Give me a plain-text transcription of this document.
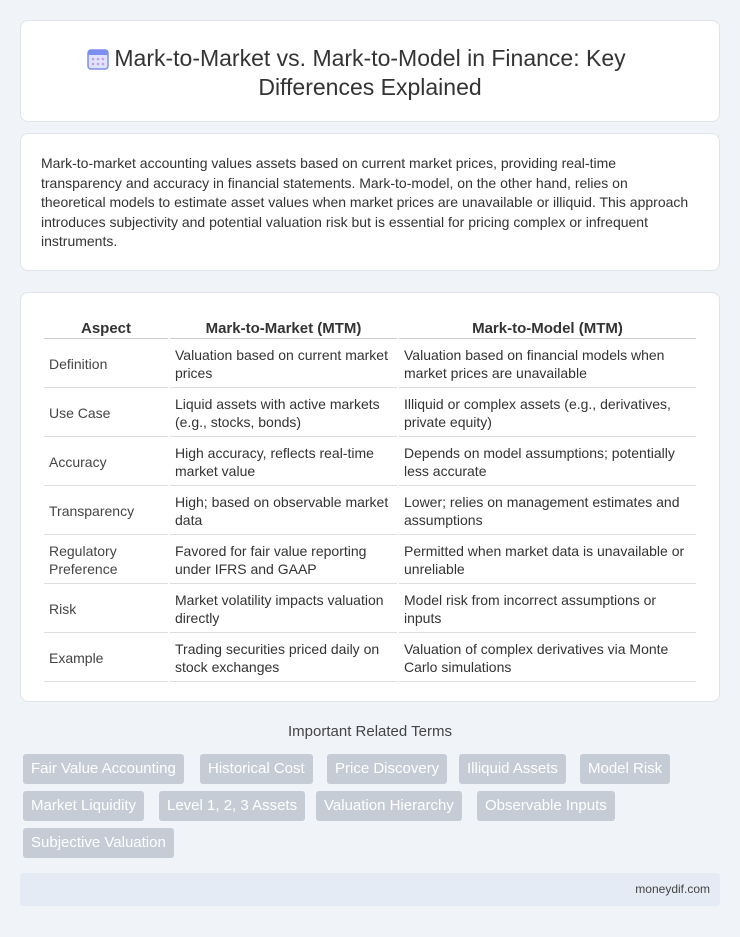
Mark-to-Market vs. Mark-to-Model in Finance: Key Differences Explained

Mark-to-market accounting values assets based on current market prices, providing real-time transparency and accuracy in financial statements. Mark-to-model, on the other hand, relies on theoretical models to estimate asset values when market prices are unavailable or illiquid. This approach introduces subjectivity and potential valuation risk but is essential for pricing complex or infrequent instruments.

Aspect	Mark-to-Market (MTM)	Mark-to-Model (MTM)
Definition	Valuation based on current market prices	Valuation based on financial models when market prices are unavailable
Use Case	Liquid assets with active markets (e.g., stocks, bonds)	Illiquid or complex assets (e.g., derivatives, private equity)
Accuracy	High accuracy, reflects real-time market value	Depends on model assumptions; potentially less accurate
Transparency	High; based on observable market data	Lower; relies on management estimates and assumptions
Regulatory Preference	Favored for fair value reporting under IFRS and GAAP	Permitted when market data is unavailable or unreliable
Risk	Market volatility impacts valuation directly	Model risk from incorrect assumptions or inputs
Example	Trading securities priced daily on stock exchanges	Valuation of complex derivatives via Monte Carlo simulations
Important Related Terms
Fair Value Accounting	Historical Cost	Price Discovery	Illiquid Assets	Model Risk
Market Liquidity	Level 1, 2, 3 Assets	Valuation Hierarchy	Observable Inputs
Subjective Valuation
moneydif.com
